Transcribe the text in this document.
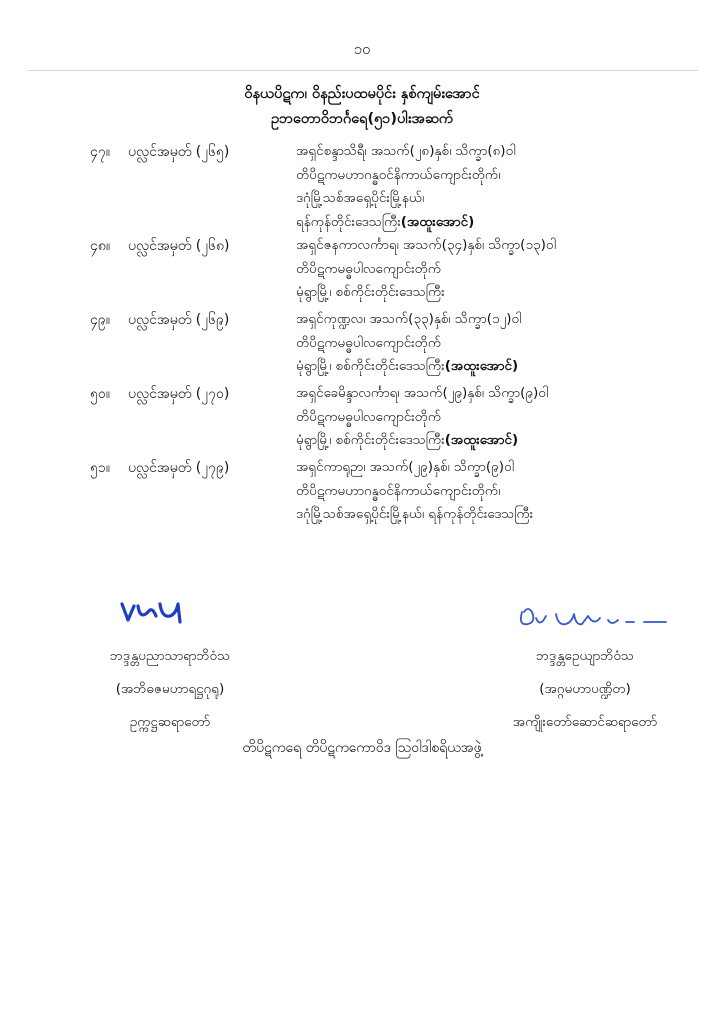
၁၀
ဝိနယပိဋက၊ ဝိနည်းပထမပိုင်း နှစ်ကျမ်းအောင်
ဥဘတောဝိဘင်္ဂရေ(၅၁)ပါးအဆက်
၄၇။ ပလ္လင်အမှတ် (၂၆၅)	အရှင်စန္ဒာသိရီ၊ အသက်(၂၈)နှစ်၊ သိက္ခာ(၈)ဝါ
တိပိဋကမဟာဂန္ဓဝင်နိကာယ်ကျောင်းတိုက်၊
ဒဂုံမြို့သစ်အရှေ့ပိုင်းမြို့နယ်၊
ရန်ကုန်တိုင်းဒေသကြီး(အထူးအောင်)
၄၈။ ပလ္လင်အမှတ် (၂၆၈)	အရှင်ဇနကာလင်္ကာရ၊ အသက်(၃၄)နှစ်၊ သိက္ခာ(၁၃)ဝါ
တိပိဋကမဓ္ဓပါလကျောင်းတိုက်
မုံရွာမြို့၊ စစ်ကိုင်းတိုင်းဒေသကြီး
၄၉။ ပလ္လင်အမှတ် (၂၆၉)	အရှင်ကုဏ္ဍလ၊ အသက်(၃၃)နှစ်၊ သိက္ခာ(၁၂)ဝါ
တိပိဋကမဓ္ဓပါလကျောင်းတိုက်
မုံရွာမြို့၊ စစ်ကိုင်းတိုင်းဒေသကြီး(အထူးအောင်)
၅၀။ ပလ္လင်အမှတ် (၂၇၀)	အရှင်ခေမိန္ဒာလင်္ကာရ၊ အသက်(၂၉)နှစ်၊ သိက္ခာ(၉)ဝါ
တိပိဋကမဓ္ဓပါလကျောင်းတိုက်
မုံရွာမြို့၊ စစ်ကိုင်းတိုင်းဒေသကြီး(အထူးအောင်)
၅၁။ ပလ္လင်အမှတ် (၂၇၉)	အရှင်ကာရုဉာ၊ အသက်(၂၉)နှစ်၊ သိက္ခာ(၉)ဝါ
တိပိဋကမဟာဂန္ဓဝင်နိကာယ်ကျောင်းတိုက်၊
ဒဂုံမြို့သစ်အရှေ့ပိုင်းမြို့နယ်၊ ရန်ကုန်တိုင်းဒေသကြီး
ဘဒ္ဒန္တပညာသာရာဘိဝံသ
(အဘိဓဇမဟာရဋ္ဌဂုရု)
ဥက္ကဋ္ဌဆရာတော်
ဘဒ္ဒန္တဥေယျာဘိဝံသ
(အဂ္ဂမဟာပဏ္ဍိတ)
အကျိုးတော်ဆောင်ဆရာတော်
တိပိဋကရေ တိပိဋကကောဝိဒ ဩဝါဒါစရိယအဖွဲ့
